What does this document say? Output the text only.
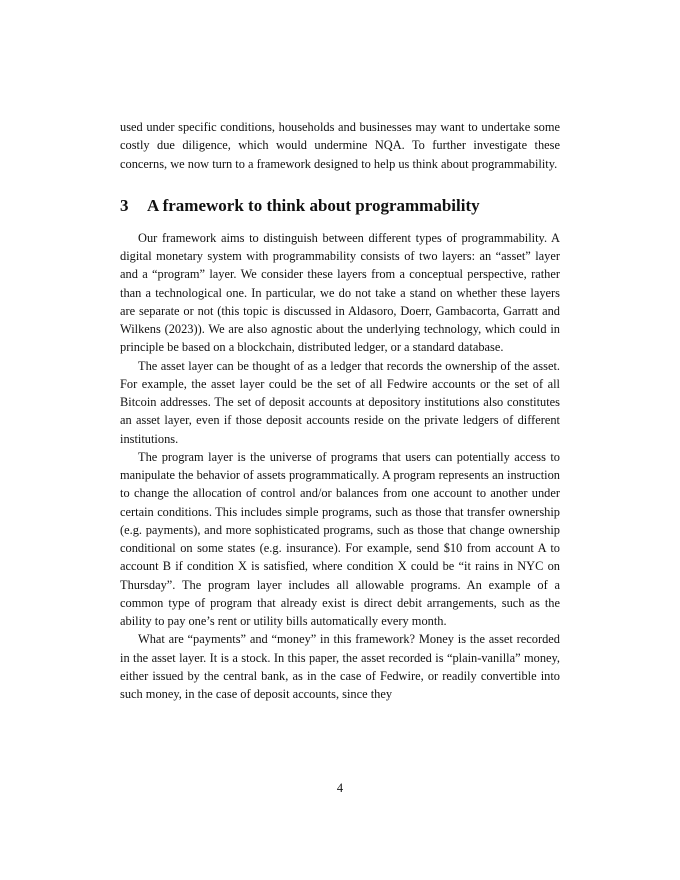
used under specific conditions, households and businesses may want to undertake some costly due diligence, which would undermine NQA. To further investigate these concerns, we now turn to a framework designed to help us think about programmability.

3 A framework to think about programmability

Our framework aims to distinguish between different types of programmability. A digital monetary system with programmability consists of two layers: an “asset” layer and a “program” layer. We consider these layers from a conceptual perspective, rather than a technological one. In particular, we do not take a stand on whether these layers are separate or not (this topic is discussed in Aldasoro, Doerr, Gambacorta, Garratt and Wilkens (2023)). We are also agnostic about the underlying technology, which could in principle be based on a blockchain, distributed ledger, or a standard database.

The asset layer can be thought of as a ledger that records the ownership of the asset. For example, the asset layer could be the set of all Fedwire accounts or the set of all Bitcoin addresses. The set of deposit accounts at depository institutions also constitutes an asset layer, even if those deposit accounts reside on the private ledgers of different institutions.

The program layer is the universe of programs that users can potentially access to manipulate the behavior of assets programmatically. A program represents an instruction to change the allocation of control and/or balances from one account to another under certain conditions. This includes simple programs, such as those that transfer ownership (e.g. payments), and more sophisticated programs, such as those that change ownership conditional on some states (e.g. insurance). For example, send $10 from account A to account B if condition X is satisfied, where condition X could be “it rains in NYC on Thursday”. The program layer includes all allowable programs. An example of a common type of program that already exist is direct debit arrangements, such as the ability to pay one’s rent or utility bills automatically every month.

What are “payments” and “money” in this framework? Money is the asset recorded in the asset layer. It is a stock. In this paper, the asset recorded is “plain-vanilla” money, either issued by the central bank, as in the case of Fedwire, or readily convertible into such money, in the case of deposit accounts, since they

4
